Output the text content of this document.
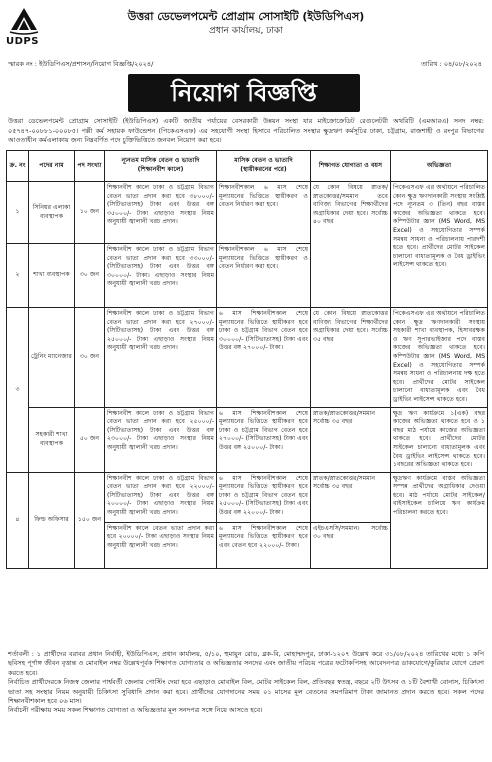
UDPS
উত্তরা ডেভেলপমেন্ট প্রোগ্রাম সোসাইটি (ইউডিপিএস)
প্রধান কার্যালয়, ঢাকা
স্মারক নং : ইউডিপিএস/প্রশাসন/নিয়োগ বিজ্ঞপ্তি/২০২৪/	তারিখ : ০৪/০৮/২০২৪
নিয়োগ বিজ্ঞপ্তি
উত্তরা ডেভেলপমেন্ট প্রোগ্রাম সোসাইটি (ইউডিপিএস) একটি জাতীয় পর্যায়ের বেসরকারী উন্নয়ন সংস্থা যার মাইক্রোক্রেডিট রেগুলেটরী অথরিটি (এমআরএ) সনদ নম্বর: ০৫৭৪৭-০০৮৮১-০০০৮৫। পল্লী কর্ম সহায়ক ফাউন্ডেশন (পিকেএসএফ) এর সহযোগী সংস্থা হিসাবে পরিচালিত সংস্থার ক্ষুদ্রঋণ কর্মসূচির ঢাকা, চট্টগ্রাম, রাজশাহী ও রংপুর বিভাগের আওতাধীন কর্মএলাকায় জন্য নিম্নবর্ণিত পদে চুক্তিভিত্তিতে জনবল নিয়োগ করা হবে।
ক্র. নং	পদের নাম	পদ সংখ্যা	ন্যূনতম মাসিক বেতন ও ভাতাদি (শিক্ষানবীশ কালে)	মাসিক বেতন ও ভাতাদি (স্থায়ীকরনের পরে)	শিক্ষাগত যোগ্যতা ও বয়স	অভিজ্ঞতা
১	সিনিয়র এলাকা ব্যবস্থাপক	১০ জন	শিক্ষানবীশ কালে ঢাকা ও চট্টগ্রাম বিভাগ বেতন ভাতা প্রদান করা হবে ৩৮০০০/- (সিটিভাতাসহ) টাকা এবং উত্তর বঙ্গ ৩৫০০০/- টাকা এছাড়াও সংস্থার নিয়ম অনুযায়ী জ্বালানী খরচ প্রদান।	শিক্ষানবীশকাল ৬ মাস শেষে মূল্যায়নের ভিত্তিতে স্থায়ীকরণ ও বেতন নির্ধারণ করা হবে।	যে কোন বিষয়ে স্নাতক/স্নাতকোত্তর/সমমান তবে বাণিজ্য বিভাগের শিক্ষার্থীদের অগ্রাধিকার দেয়া হবে। সর্বোচ্চ ৪০ বছর	পিকেএসএফ এর অর্থায়নে পরিচালিত কোন ক্ষুদ্র ঋণদানকারী সংস্থায় সংশ্লিষ্ট পদে ন্যূনতম ৩ (তিন) বছর বাস্তব কাজের অভিজ্ঞতা থাকতে হবে। কম্পিউটার জ্ঞান (MS Word, MS Excel) ও সহযোগিতার সম্পর্ক সমন্বয় সাধনা ও পরিচালনায় পারদর্শী হতে হবে। প্রার্থীদের মোটর সাইকেল চালানো বাধ্যতামূলক ও বৈধ ড্রাইভিং লাইসেন্স থাকতে হবে।
২	শাখা ব্যবস্থাপক	৩০ জন	শিক্ষানবীশ কালে ঢাকা ও চট্টগ্রাম বিভাগ বেতন ভাতা প্রদান করা হবে ৩৩০০০/- (সিটিভাতাসহ) টাকা এবং উত্তর বঙ্গ ৩০০০০/- টাকা। এছাড়াও সংস্থার নিয়ম অনুযায়ী জ্বালানী খরচ প্রদান।	শিক্ষানবীশকাল ৬ মাস শেষে মূল্যায়নের ভিত্তিতে স্থায়ীকরণ ও বেতন নির্ধারণ করা হবে।		
৩	ট্রেনিং ম্যানেজার	৩০ জন	শিক্ষানবীশ কালে ঢাকা ও চট্টগ্রাম বিভাগ বেতন ভাতা প্রদান করা হবে ২৭০০০/- (সিটিভাতাসহ) টাকা এবং উত্তর বঙ্গ ২৫০০০/- টাকা এছাড়াও সংস্থার নিয়ম অনুযায়ী জ্বালানী খরচ প্রদান।	৬ মাস শিক্ষানবীশকাল শেষে মূল্যায়নের ভিত্তিতে স্থায়ীকরণ হবে ঢাকা ও চট্টগ্রাম বিভাগ বেতন হবে ৩০০০০/- (সিটিভাতাসহ) টাকা এবং উত্তর বঙ্গ ২৭০০০/- টাকা।	যে কোন বিষয়ে স্নাতকোত্তর বাণিজ্য বিভাগের শিক্ষার্থীদের অগ্রাধিকার দেয়া হবে। সর্বোচ্চ ৩৫ বছর	পিকেএসএফ এর অর্থায়নে পরিচালিত কোন ক্ষুদ্র ঋণদানকারী সংস্থায় সহকারী শাখা ব্যবস্থাপক, হিসাবরক্ষক ও ঋণ সুপারভাইজার পদে বাস্তব কাজের অভিজ্ঞতা থাকতে হবে। কম্পিউটার জ্ঞান (MS Word, MS Excel) ও সহযোগিতার সম্পর্ক সমন্বয় সাধনা ও পরিচালনায় দক্ষ হতে হবে। প্রার্থীদের মোটর সাইকেল চালানো বাধ্যতামূলক এবং বৈধ ড্রাইভিং লাইসেন্স থাকতে হবে।
	সহকারী শাখা ব্যবস্থাপক	৫০ জন	শিক্ষানবীশ কালে ঢাকা ও চট্টগ্রাম বিভাগ বেতন ভাতা প্রদান করা হবে ২৫০০০/- (সিটিভাতাসহ) টাকা এবং উত্তর বঙ্গ ২৩০০০/- টাকা এছাড়াও সংস্থার নিয়ম অনুযায়ী জ্বালানী খরচ প্রদান।	৬ মাস শিক্ষানবীশকাল শেষে মূল্যায়নের ভিত্তিতে স্থায়ীকরণ হবে ঢাকা ও চট্টগ্রাম বিভাগ বেতন হবে ২৭০০০/- (সিটিভাতাসহ) টাকা এবং উত্তর বঙ্গ ২৫০০০/- টাকা।	স্নাতক/স্নাতকোত্তর/সমমান সর্বোচ্চ ৩৫ বছর	ক্ষুদ্র ঋণ কার্যক্রমে ১(এক) বছর কাজের অভিজ্ঞতা থাকতে হবে ও ১ বছর মাঠ পর্যায়ে কাজের অভিজ্ঞতা থাকতে হবে। প্রার্থীদের মোটর সাইকেল চালানো বাধ্যতামূলক এবং বৈধ ড্রাইভিং লাইসেন্স থাকতে হবে। ১বছরের অভিজ্ঞতা থাকতে হবে।
৪	ফিল্ড অফিসার	১৫০ জন	শিক্ষানবীশ কালে ঢাকা ও চট্টগ্রাম বিভাগ বেতন ভাতা প্রদান করা হবে ২২০০০/- (সিটিভাতাসহ) টাকা এবং উত্তর বঙ্গ ২০০০০/- টাকা এছাড়াও সংস্থার নিয়ম অনুযায়ী জ্বালানী খরচ প্রদান।	৬ মাস শিক্ষানবীশকাল শেষে মূল্যায়নের ভিত্তিতে স্থায়ীকরণ হবে ঢাকা ও চট্টগ্রাম বিভাগ বেতন হবে ২৫০০০/- (সিটিভাতাসহ) টাকা এবং উত্তর বঙ্গ ২২০০০/- টাকা।	স্নাতক/স্নাতকোত্তর/সমমান সর্বোচ্চ ৩৫ বছর	ক্ষুদ্রঋণ কার্যক্রমে বাস্তব অভিজ্ঞতা সম্পন্ন প্রার্থীদের অগ্রাধিকার দেওয়া হবে। মাঠ পর্যায়ে মোটর সাইকেল/বাইসাইকেল চালিয়ে ঋণ কার্যক্রম পরিচালনা করতে হবে।
			শিক্ষানবীশ কালে বেতন ভাতা প্রদান করা হবে ২০০০০/- টাকা এছাড়াও সংস্থার নিয়ম অনুযায়ী জ্বালানী খরচ প্রদান।	৬ মাস শিক্ষানবীশকাল শেষে মূল্যায়নের ভিত্তিতে স্থায়ীকরণ হবে এবং বেতন হবে ২২০০০/- টাকা।	এইচএসসি/সমমান। সর্বোচ্চ ৩০ বছর	
শর্তাবলী : ১ প্রার্থীদের বরাবর প্রধান নির্বাহী, ইউডিপিএস, প্রধান কার্যালয়, ৫/১০, হুমায়ুন রোড, ব্লক-বি, মোহাম্মদপুর, ঢাকা-১২০৭ উল্লেখ করে ৩১/০৮/২০২৪ তারিখের মধ্যে ১ কপি ছবিসহ পূর্ণাঙ্গ জীবন বৃত্তান্ত ও মোবাইল নম্বর উল্লেখপূর্বক শিক্ষাগত যোগ্যতার ও অভিজ্ঞতার সনদের এবং জাতীয় পরিচয় পত্রের ফটোকপিসহ আবেদনপত্র ডাকযোগে/কুরিয়ার যোগে প্রেরণ করতে হবে।
নির্বাচিত প্রার্থীদেরকে নিজস্ব জেলার পার্শ্ববর্তী জেলায় পোস্টিং দেয়া হবে এছাড়াও মোবাইল বিল, মোটর সাইকেল বিল, প্রতিবছর স্বতন্ত্র, বছরে ২টি উৎসব ও ১টি বৈশাখী বোনাস, চিকিৎসা ভাতা সহ সংস্থার নিয়ম অনুযায়ী চিকিৎসা সুবিধাদি প্রদান করা হবে। প্রার্থীদের যোগদানের সময় ০১ মাসের মূল বেতনের সমপরিমাণ টাকা জামানত প্রদান করতে হবে। সকল পদের শিক্ষানবীশকাল হবে ০৬ মাস।
নির্বাচনী পরীক্ষায় সময় সকল শিক্ষাগত যোগ্যতা ও অভিজ্ঞতার মূল সনদপত্র সঙ্গে নিয়ে আসতে হবে।
